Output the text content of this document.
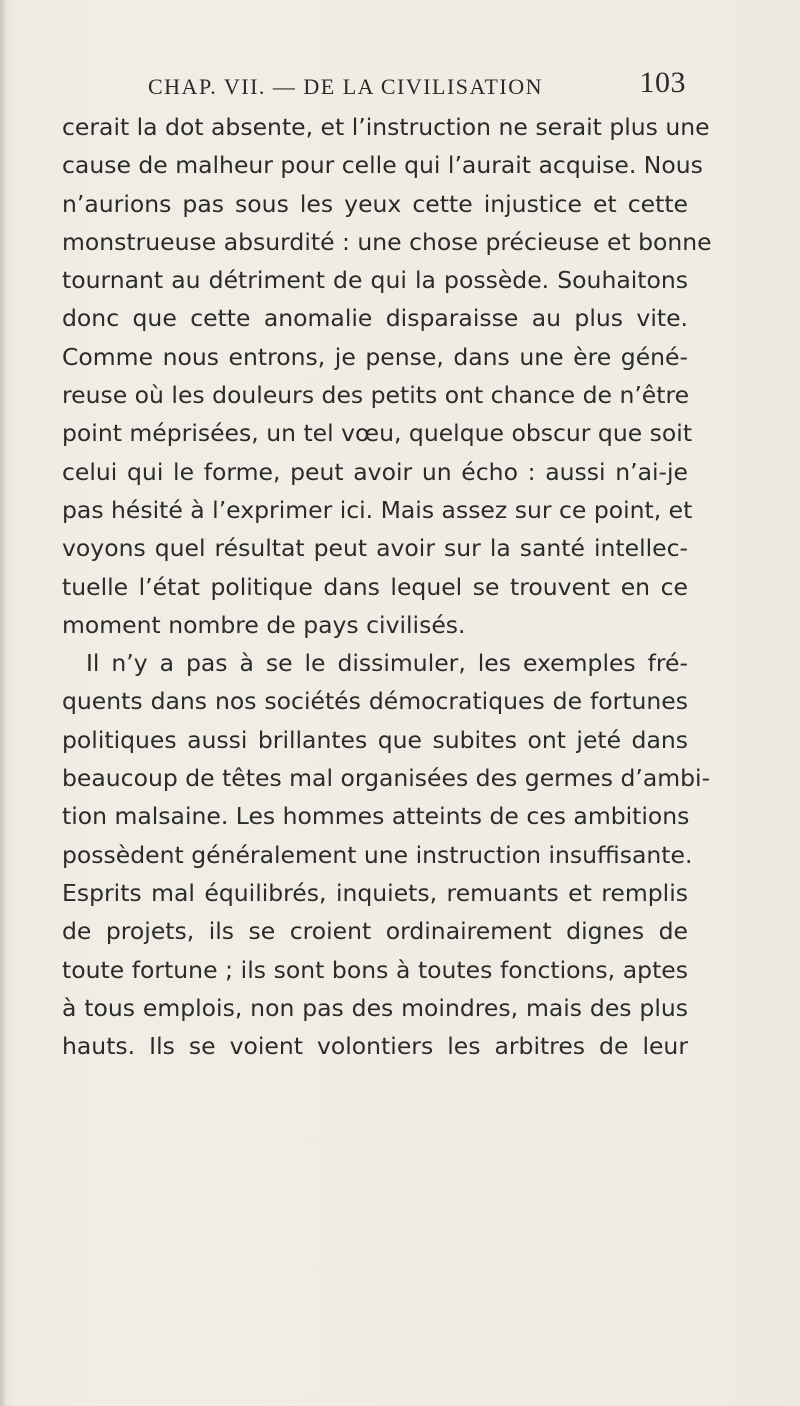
CHAP. VII. — DE LA CIVILISATION	103
cerait la dot absente, et l’instruction ne serait plus une
cause de malheur pour celle qui l’aurait acquise. Nous
n’aurions pas sous les yeux cette injustice et cette
monstrueuse absurdité : une chose précieuse et bonne
tournant au détriment de qui la possède. Souhaitons
donc que cette anomalie disparaisse au plus vite.
Comme nous entrons, je pense, dans une ère géné-
reuse où les douleurs des petits ont chance de n’être
point méprisées, un tel vœu, quelque obscur que soit
celui qui le forme, peut avoir un écho : aussi n’ai-je
pas hésité à l’exprimer ici. Mais assez sur ce point, et
voyons quel résultat peut avoir sur la santé intellec-
tuelle l’état politique dans lequel se trouvent en ce
moment nombre de pays civilisés.
Il n’y a pas à se le dissimuler, les exemples fré-
quents dans nos sociétés démocratiques de fortunes
politiques aussi brillantes que subites ont jeté dans
beaucoup de têtes mal organisées des germes d’ambi-
tion malsaine. Les hommes atteints de ces ambitions
possèdent généralement une instruction insuffisante.
Esprits mal équilibrés, inquiets, remuants et remplis
de projets, ils se croient ordinairement dignes de
toute fortune ; ils sont bons à toutes fonctions, aptes
à tous emplois, non pas des moindres, mais des plus
hauts. Ils se voient volontiers les arbitres de leur
